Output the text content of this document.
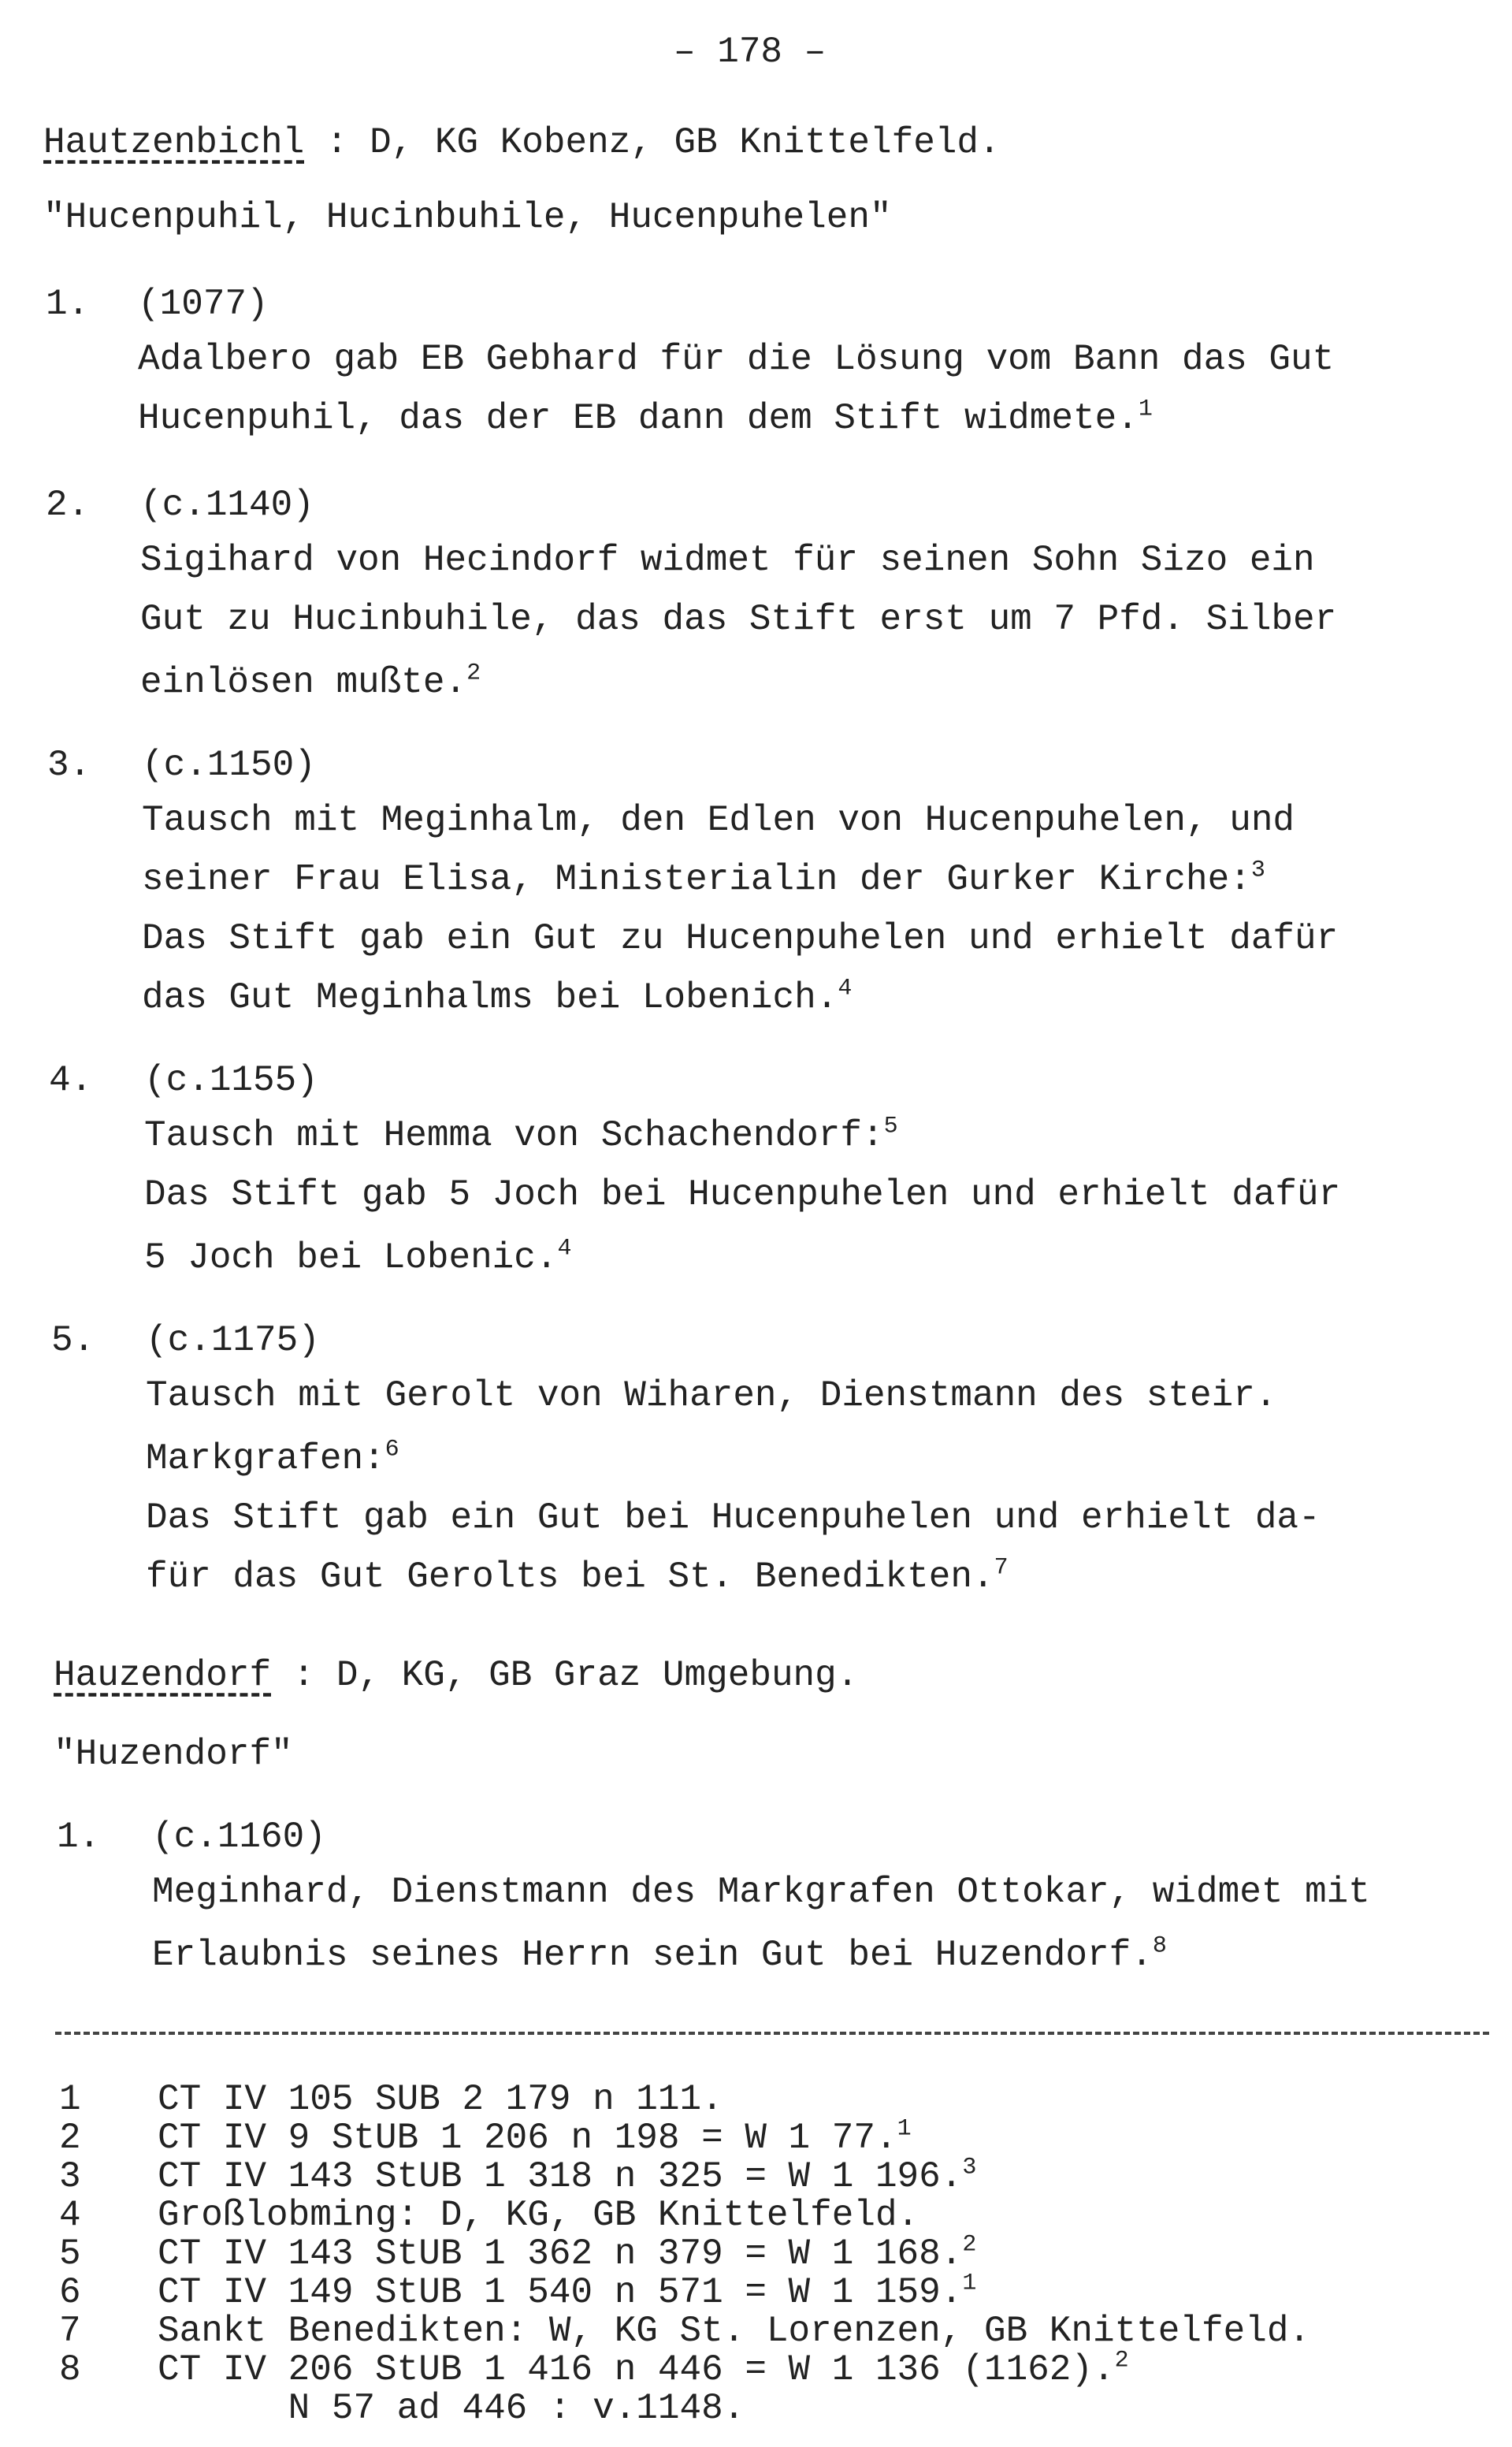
– 178 –
Hautzenbichl : D, KG Kobenz, GB Knittelfeld.
"Hucenpuhil, Hucinbuhile, Hucenpuhelen"
1. (1077)
Adalbero gab EB Gebhard für die Lösung vom Bann das Gut
Hucenpuhil, das der EB dann dem Stift widmete.$^1$
2. (c.1140)
Sigihard von Hecindorf widmet für seinen Sohn Sizo ein
Gut zu Hucinbuhile, das das Stift erst um 7 Pfd. Silber
einlösen mußte.$^2$
3. (c.1150)
Tausch mit Meginhalm, den Edlen von Hucenpuhelen, und
seiner Frau Elisa, Ministerialin der Gurker Kirche:$^3$
Das Stift gab ein Gut zu Hucenpuhelen und erhielt dafür
das Gut Meginhalms bei Lobenich.$^4$
4. (c.1155)
Tausch mit Hemma von Schachendorf:$^5$
Das Stift gab 5 Joch bei Hucenpuhelen und erhielt dafür
5 Joch bei Lobenic.$^4$
5. (c.1175)
Tausch mit Gerolt von Wiharen, Dienstmann des steir.
Markgrafen:$^6$
Das Stift gab ein Gut bei Hucenpuhelen und erhielt da-
für das Gut Gerolts bei St. Benedikten.$^7$
Hauzendorf : D, KG, GB Graz Umgebung.
"Huzendorf"
1. (c.1160)
Meginhard, Dienstmann des Markgrafen Ottokar, widmet mit
Erlaubnis seines Herrn sein Gut bei Huzendorf.$^8$
1 CT IV 105 SUB 2 179 n 111.
2 CT IV 9 StUB 1 206 n 198 = W 1 77.$^1$
3 CT IV 143 StUB 1 318 n 325 = W 1 196.$^3$
4 Großlobming: D, KG, GB Knittelfeld.
5 CT IV 143 StUB 1 362 n 379 = W 1 168.$^2$
6 CT IV 149 StUB 1 540 n 571 = W 1 159.$^1$
7 Sankt Benedikten: W, KG St. Lorenzen, GB Knittelfeld.
8 CT IV 206 StUB 1 416 n 446 = W 1 136 (1162).$^2$
N 57 ad 446 : v.1148.
